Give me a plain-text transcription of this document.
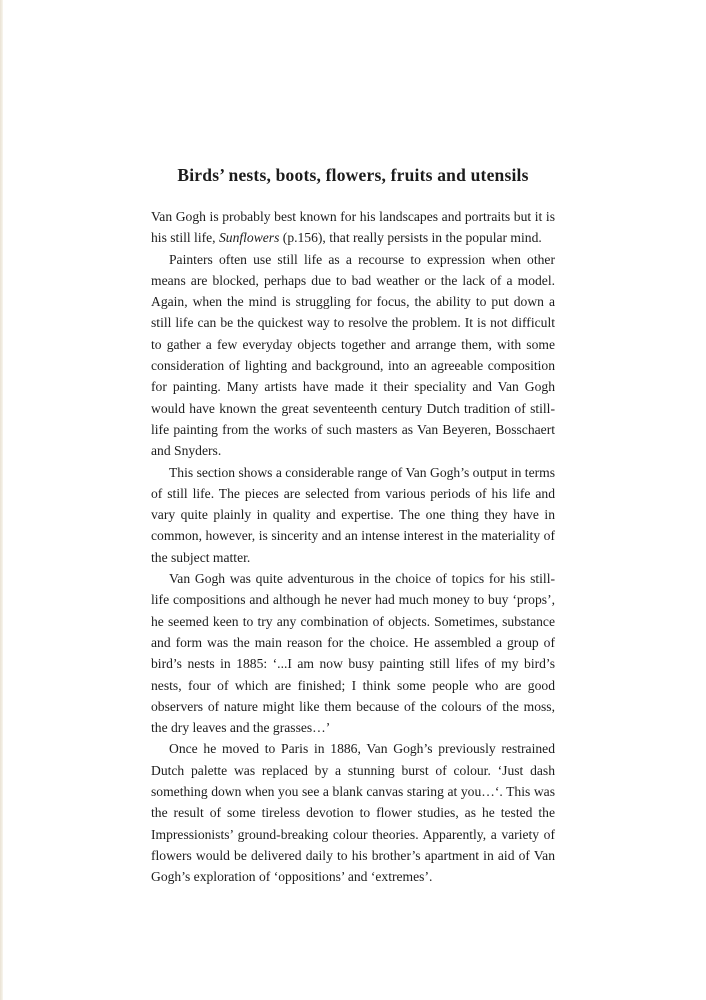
Birds’ nests, boots, flowers, fruits and utensils

Van Gogh is probably best known for his landscapes and portraits but it is his still life, Sunflowers (p.156), that really persists in the popular mind.

Painters often use still life as a recourse to expression when other means are blocked, perhaps due to bad weather or the lack of a model. Again, when the mind is struggling for focus, the ability to put down a still life can be the quickest way to resolve the problem. It is not difficult to gather a few everyday objects together and arrange them, with some consideration of lighting and background, into an agreeable composition for painting. Many artists have made it their speciality and Van Gogh would have known the great seventeenth century Dutch tradition of still-life painting from the works of such masters as Van Beyeren, Bosschaert and Snyders.

This section shows a considerable range of Van Gogh’s output in terms of still life. The pieces are selected from various periods of his life and vary quite plainly in quality and expertise. The one thing they have in common, however, is sincerity and an intense interest in the materiality of the subject matter.

Van Gogh was quite adventurous in the choice of topics for his still-life compositions and although he never had much money to buy ‘props’, he seemed keen to try any combination of objects. Sometimes, substance and form was the main reason for the choice. He assembled a group of bird’s nests in 1885: ‘...I am now busy painting still lifes of my bird’s nests, four of which are finished; I think some people who are good observers of nature might like them because of the colours of the moss, the dry leaves and the grasses…’

Once he moved to Paris in 1886, Van Gogh’s previously restrained Dutch palette was replaced by a stunning burst of colour. ‘Just dash something down when you see a blank canvas staring at you…‘. This was the result of some tireless devotion to flower studies, as he tested the Impressionists’ ground-breaking colour theories. Apparently, a variety of flowers would be delivered daily to his brother’s apartment in aid of Van Gogh’s exploration of ‘oppositions’ and ‘extremes’.
